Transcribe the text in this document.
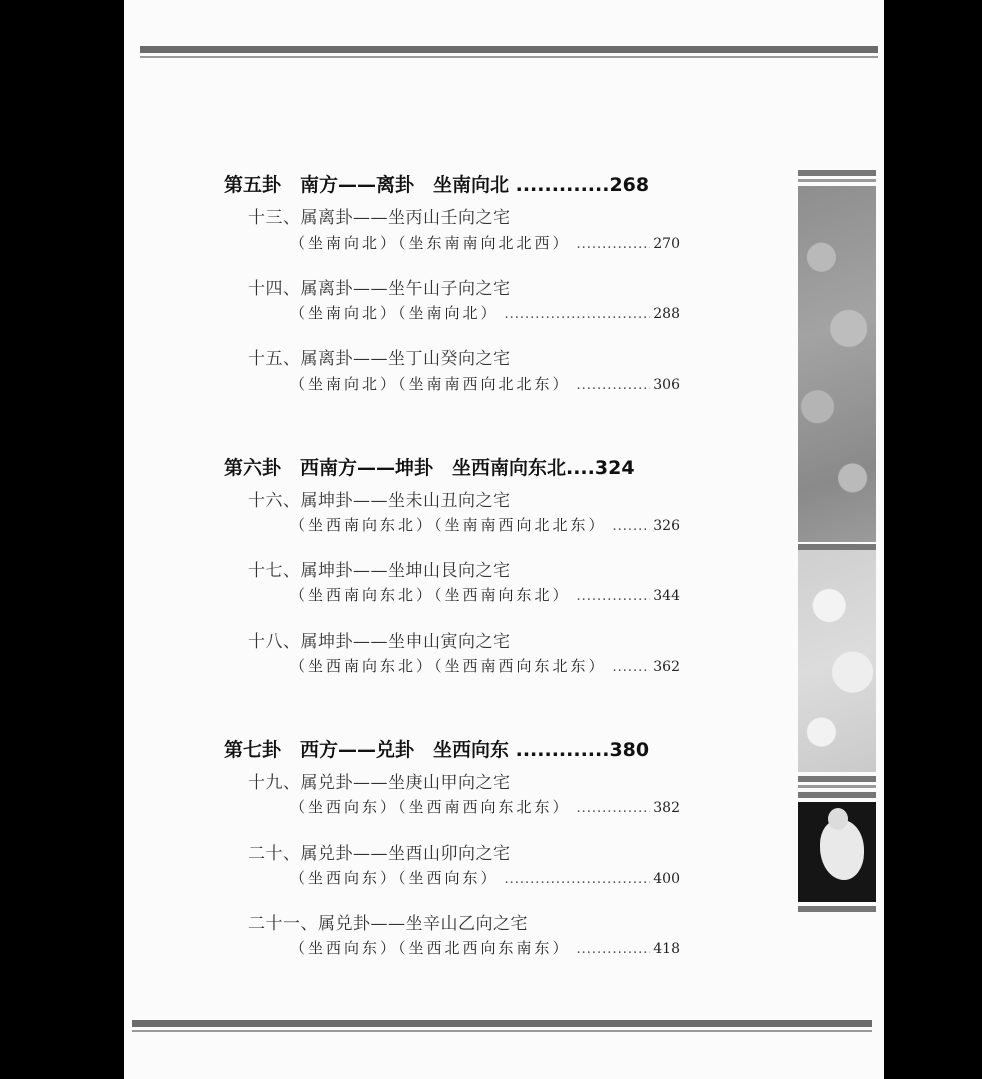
第五卦　南方——离卦　坐南向北 .............268
十三、属离卦——坐丙山壬向之宅
（坐南向北）（坐东南南向北北西） .....	270
十四、属离卦——坐午山子向之宅
（坐南向北）（坐南向北） .....	288
十五、属离卦——坐丁山癸向之宅
（坐南向北）（坐南南西向北北东） .....	306
第六卦　西南方——坤卦　坐西南向东北....324
十六、属坤卦——坐未山丑向之宅
（坐西南向东北）（坐南南西向北北东） .....	326
十七、属坤卦——坐坤山艮向之宅
（坐西南向东北）（坐西南向东北） .....	344
十八、属坤卦——坐申山寅向之宅
（坐西南向东北）（坐西南西向东北东） .....	362
第七卦　西方——兑卦　坐西向东 .............380
十九、属兑卦——坐庚山甲向之宅
（坐西向东）（坐西南西向东北东） .....	382
二十、属兑卦——坐酉山卯向之宅
（坐西向东）（坐西向东） .....	400
二十一、属兑卦——坐辛山乙向之宅
（坐西向东）（坐西北西向东南东） .....	418
